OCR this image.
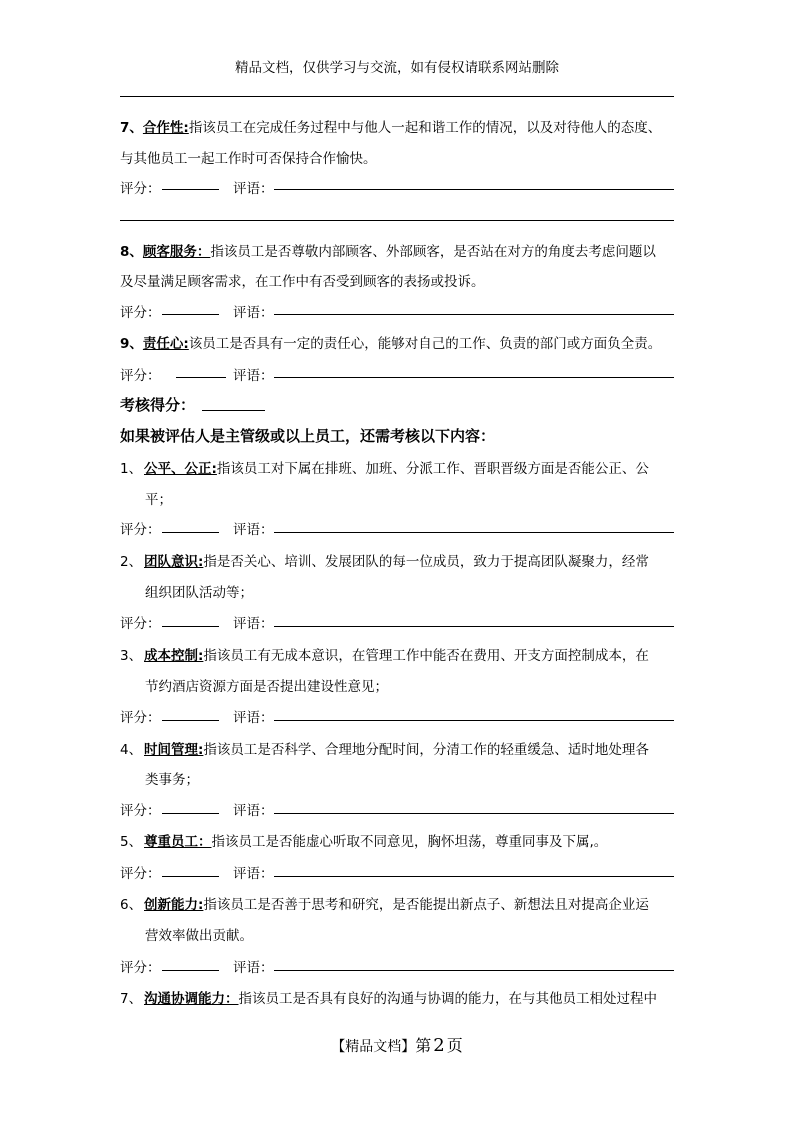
精品文档，仅供学习与交流，如有侵权请联系网站删除
7、合作性:指该员工在完成任务过程中与他人一起和谐工作的情况，以及对待他人的态度、
与其他员工一起工作时可否保持合作愉快。
评分：	评语：
8、顾客服务：指该员工是否尊敬内部顾客、外部顾客，是否站在对方的角度去考虑问题以
及尽量满足顾客需求，在工作中有否受到顾客的表扬或投诉。
评分：	评语：
9、责任心:该员工是否具有一定的责任心，能够对自己的工作、负责的部门或方面负全责。
评分：	评语：
考核得分：
如果被评估人是主管级或以上员工，还需考核以下内容：
1、 公平、公正:指该员工对下属在排班、加班、分派工作、晋职晋级方面是否能公正、公
平；
评分：	评语：
2、 团队意识:指是否关心、培训、发展团队的每一位成员，致力于提高团队凝聚力，经常
组织团队活动等；
评分：	评语：
3、 成本控制:指该员工有无成本意识，在管理工作中能否在费用、开支方面控制成本，在
节约酒店资源方面是否提出建设性意见；
评分：	评语：
4、 时间管理:指该员工是否科学、合理地分配时间，分清工作的轻重缓急、适时地处理各
类事务；
评分：	评语：
5、 尊重员工：指该员工是否能虚心听取不同意见，胸怀坦荡，尊重同事及下属,。
评分：	评语：
6、 创新能力:指该员工是否善于思考和研究，是否能提出新点子、新想法且对提高企业运
营效率做出贡献。
评分：	评语：
7、 沟通协调能力：指该员工是否具有良好的沟通与协调的能力，在与其他员工相处过程中
【精品文档】第 2 页
